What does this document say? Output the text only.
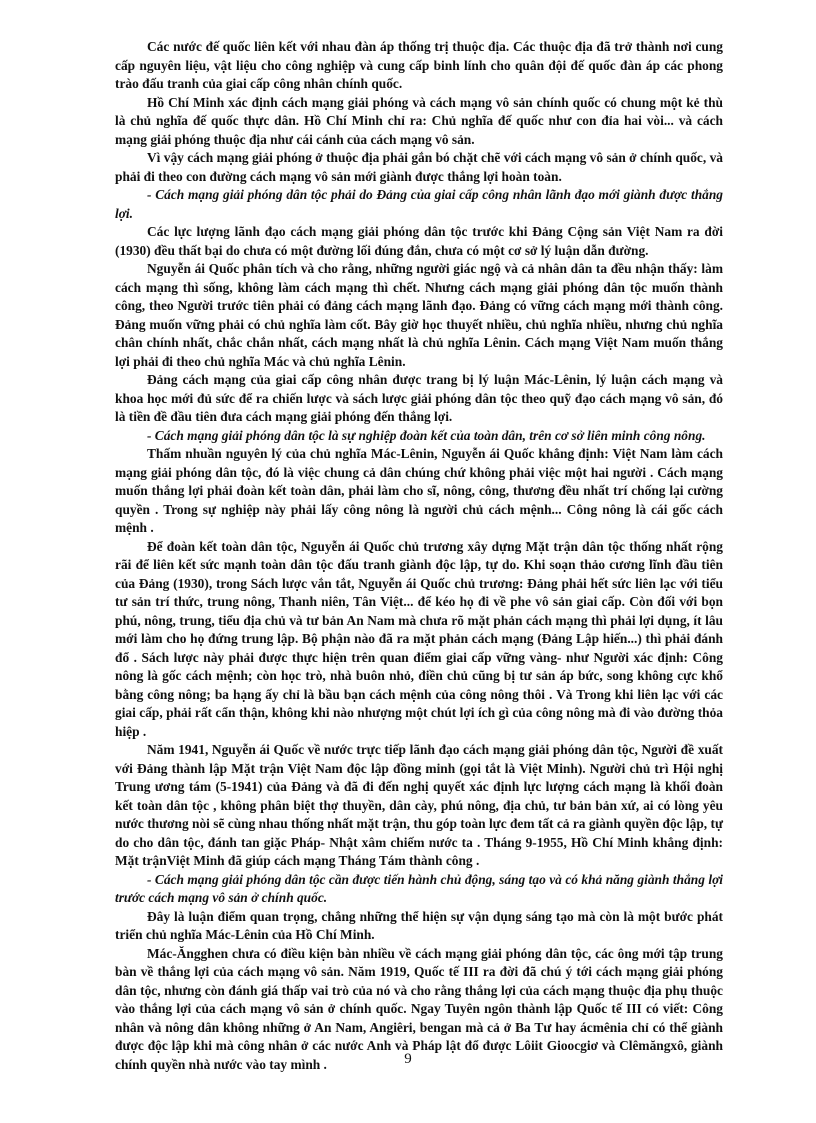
Các nước đế quốc liên kết với nhau đàn áp thống trị thuộc địa. Các thuộc địa đã trở thành nơi cung cấp nguyên liệu, vật liệu cho công nghiệp và cung cấp binh lính cho quân đội đế quốc đàn áp các phong trào đấu tranh của giai cấp công nhân chính quốc.

Hồ Chí Minh xác định cách mạng giải phóng và cách mạng vô sản chính quốc có chung một kẻ thù là chủ nghĩa đế quốc thực dân. Hồ Chí Minh chỉ ra: Chủ nghĩa đế quốc như con đỉa hai vòi... và cách mạng giải phóng thuộc địa như cái cánh của cách mạng vô sản.

Vì vậy cách mạng giải phóng ở thuộc địa phải gắn bó chặt chẽ với cách mạng vô sản ở chính quốc, và phải đi theo con đường cách mạng vô sản mới giành được thắng lợi hoàn toàn.

- Cách mạng giải phóng dân tộc phải do Đảng của giai cấp công nhân lãnh đạo mới giành được thắng lợi.

Các lực lượng lãnh đạo cách mạng giải phóng dân tộc trước khi Đảng Cộng sản Việt Nam ra đời (1930) đều thất bại do chưa có một đường lối đúng đắn, chưa có một cơ sở lý luận dẫn đường.

Nguyễn ái Quốc phân tích và cho rằng, những người giác ngộ và cả nhân dân ta đều nhận thấy: làm cách mạng thì sống, không làm cách mạng thì chết. Nhưng cách mạng giải phóng dân tộc muốn thành công, theo Người trước tiên phải có đảng cách mạng lãnh đạo. Đảng có vững cách mạng mới thành công. Đảng muốn vững phải có chủ nghĩa làm cốt. Bây giờ học thuyết nhiều, chủ nghĩa nhiều, nhưng chủ nghĩa chân chính nhất, chắc chắn nhất, cách mạng nhất là chủ nghĩa Lênin. Cách mạng Việt Nam muốn thắng lợi phải đi theo chủ nghĩa Mác và chủ nghĩa Lênin.

Đảng cách mạng của giai cấp công nhân được trang bị lý luận Mác-Lênin, lý luận cách mạng và khoa học mới đủ sức để ra chiến lược và sách lược giải phóng dân tộc theo quỹ đạo cách mạng vô sản, đó là tiền đề đầu tiên đưa cách mạng giải phóng đến thắng lợi.

- Cách mạng giải phóng dân tộc là sự nghiệp đoàn kết của toàn dân, trên cơ sở liên minh công nông.

Thấm nhuần nguyên lý của chủ nghĩa Mác-Lênin, Nguyễn ái Quốc khẳng định: Việt Nam làm cách mạng giải phóng dân tộc, đó là việc chung cả dân chúng chứ không phải việc một hai người . Cách mạng muốn thắng lợi phải đoàn kết toàn dân, phải làm cho sĩ, nông, công, thương đều nhất trí chống lại cường quyền . Trong sự nghiệp này phải lấy công nông là người chủ cách mệnh... Công nông là cái gốc cách mệnh .

Để đoàn kết toàn dân tộc, Nguyễn ái Quốc chủ trương xây dựng Mặt trận dân tộc thống nhất rộng rãi để liên kết sức mạnh toàn dân tộc đấu tranh giành độc lập, tự do. Khi soạn thảo cương lĩnh đầu tiên của Đảng (1930), trong Sách lược vắn tắt, Nguyễn ái Quốc chủ trương: Đảng phải hết sức liên lạc với tiểu tư sản trí thức, trung nông, Thanh niên, Tân Việt... để kéo họ đi về phe vô sản giai cấp. Còn đối với bọn phú, nông, trung, tiểu địa chủ và tư bản An Nam mà chưa rõ mặt phản cách mạng thì phải lợi dụng, ít lâu mới làm cho họ đứng trung lập. Bộ phận nào đã ra mặt phản cách mạng (Đảng Lập hiến...) thì phải đánh đổ . Sách lược này phải được thực hiện trên quan điểm giai cấp vững vàng- như Người xác định: Công nông là gốc cách mệnh; còn học trò, nhà buôn nhỏ, điền chủ cũng bị tư sản áp bức, song không cực khổ bằng công nông; ba hạng ấy chỉ là bầu bạn cách mệnh của công nông thôi . Và Trong khi liên lạc với các giai cấp, phải rất cẩn thận, không khi nào nhượng một chút lợi ích gì của công nông mà đi vào đường thỏa hiệp .

Năm 1941, Nguyễn ái Quốc về nước trực tiếp lãnh đạo cách mạng giải phóng dân tộc, Người đề xuất với Đảng thành lập Mặt trận Việt Nam độc lập đồng minh (gọi tắt là Việt Minh). Người chủ trì Hội nghị Trung ương tám (5-1941) của Đảng và đã đi đến nghị quyết xác định lực lượng cách mạng là khối đoàn kết toàn dân tộc , không phân biệt thợ thuyền, dân cày, phú nông, địa chủ, tư bản bản xứ, ai có lòng yêu nước thương nòi sẽ cùng nhau thống nhất mặt trận, thu góp toàn lực đem tất cả ra giành quyền độc lập, tự do cho dân tộc, đánh tan giặc Pháp- Nhật xâm chiếm nước ta . Tháng 9-1955, Hồ Chí Minh khẳng định: Mặt trậnViệt Minh đã giúp cách mạng Tháng Tám thành công .

- Cách mạng giải phóng dân tộc cần được tiến hành chủ động, sáng tạo và có khả năng giành thắng lợi trước cách mạng vô sản ở chính quốc.

Đây là luận điểm quan trọng, chẳng những thể hiện sự vận dụng sáng tạo mà còn là một bước phát triển chủ nghĩa Mác-Lênin của Hồ Chí Minh.

Mác-Ăngghen chưa có điều kiện bàn nhiều về cách mạng giải phóng dân tộc, các ông mới tập trung bàn về thắng lợi của cách mạng vô sản. Năm 1919, Quốc tế III ra đời đã chú ý tới cách mạng giải phóng dân tộc, nhưng còn đánh giá thấp vai trò của nó và cho rằng thắng lợi của cách mạng thuộc địa phụ thuộc vào thắng lợi của cách mạng vô sản ở chính quốc. Ngay Tuyên ngôn thành lập Quốc tế III có viết: Công nhân và nông dân không những ở An Nam, Angiêri, bengan mà cả ở Ba Tư hay ácmênia chỉ có thể giành được độc lập khi mà công nhân ở các nước Anh và Pháp lật đổ được Lôiit Gioocgiơ và Clêmăngxô, giành chính quyền nhà nước vào tay mình .	9
